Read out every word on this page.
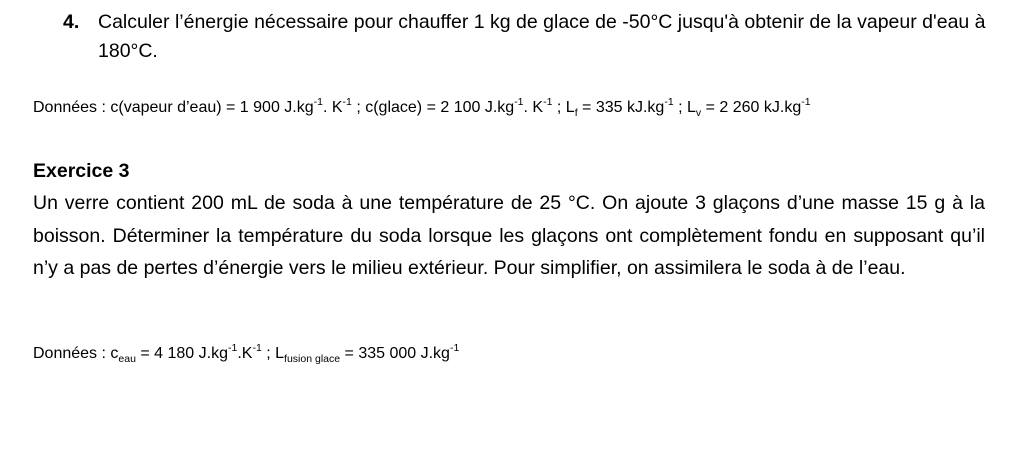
4. Calculer l’énergie nécessaire pour chauffer 1 kg de glace de -50°C jusqu'à obtenir de la vapeur d'eau à 180°C.
Données : c(vapeur d’eau) = 1 900 $J.kg^{-1}$. $K^{-1}$ ; c(glace) = 2 100 $J.kg^{-1}$. $K^{-1}$ ; $L_f = 335$ $kJ.kg^{-1}$ ; $L_v = 2$ 260 $kJ.kg^{-1}$
Exercice 3
Un verre contient 200 mL de soda à une température de 25 °C. On ajoute 3 glaçons d’une masse 15 g à la boisson. Déterminer la température du soda lorsque les glaçons ont complètement fondu en supposant qu’il n’y a pas de pertes d’énergie vers le milieu extérieur. Pour simplifier, on assimilera le soda à de l’eau.
Données : $c_{eau} = 4$ 180 $J.kg^{-1}.K^{-1}$ ; $L_{fusion glace} = 335$ 000 $J.kg^{-1}$
